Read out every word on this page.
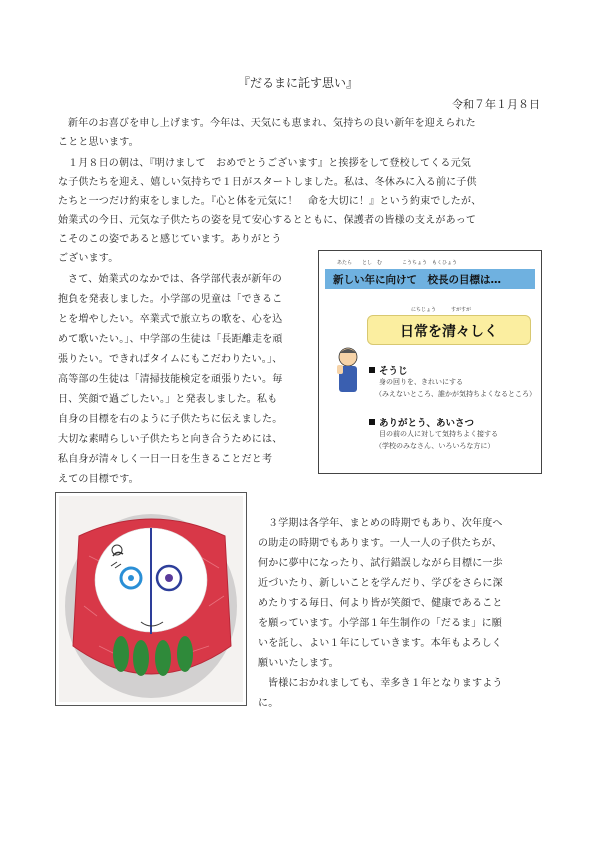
『だるまに託す思い』
令和７年１月８日
新年のお喜びを申し上げます。今年は、天気にも恵まれ、気持ちの良い新年を迎えられた
ことと思います。
１月８日の朝は、『明けまして　おめでとうございます』と挨拶をして登校してくる元気
な子供たちを迎え、嬉しい気持ちで１日がスタートしました。私は、冬休みに入る前に子供
たちと一つだけ約束をしました。『心と体を元気に！　命を大切に！』という約束でしたが、
始業式の今日、元気な子供たちの姿を見て安心するとともに、保護者の皆様の支えがあって
こそのこの姿であると感じています。ありがとう
ございます。
さて、始業式のなかでは、各学部代表が新年の
抱負を発表しました。小学部の児童は「できるこ
とを増やしたい。卒業式で旅立ちの歌を、心を込
めて歌いたい。」、中学部の生徒は「長距離走を頑
張りたい。できればタイムにもこだわりたい。」、
高等部の生徒は「清掃技能検定を頑張りたい。毎
日、笑顔で過ごしたい。」と発表しました。私も
自身の目標を右のように子供たちに伝えました。
大切な素晴らしい子供たちと向き合うためには、
私自身が清々しく一日一日を生きることだと考
えての目標です。
あたら　　とし　む　　　　こうちょう　もくひょう
新しい年に向けて　校長の目標は…
にちじょう　　　すがすが
日常を清々しく
そうじ
身の回りを、きれいにする
（みえないところ、誰かが気持ちよくなるところ）
ありがとう、あいさつ
目の前の人に対して気持ちよく接する
（学校のみなさん、いろいろな方に）
３学期は各学年、まとめの時期でもあり、次年度へ
の助走の時期でもあります。一人一人の子供たちが、
何かに夢中になったり、試行錯誤しながら目標に一歩
近づいたり、新しいことを学んだり、学びをさらに深
めたりする毎日、何より皆が笑顔で、健康であること
を願っています。小学部１年生制作の「だるま」に願
いを託し、よい１年にしていきます。本年もよろしく
願いいたします。
皆様におかれましても、幸多き１年となりますよう
に。
